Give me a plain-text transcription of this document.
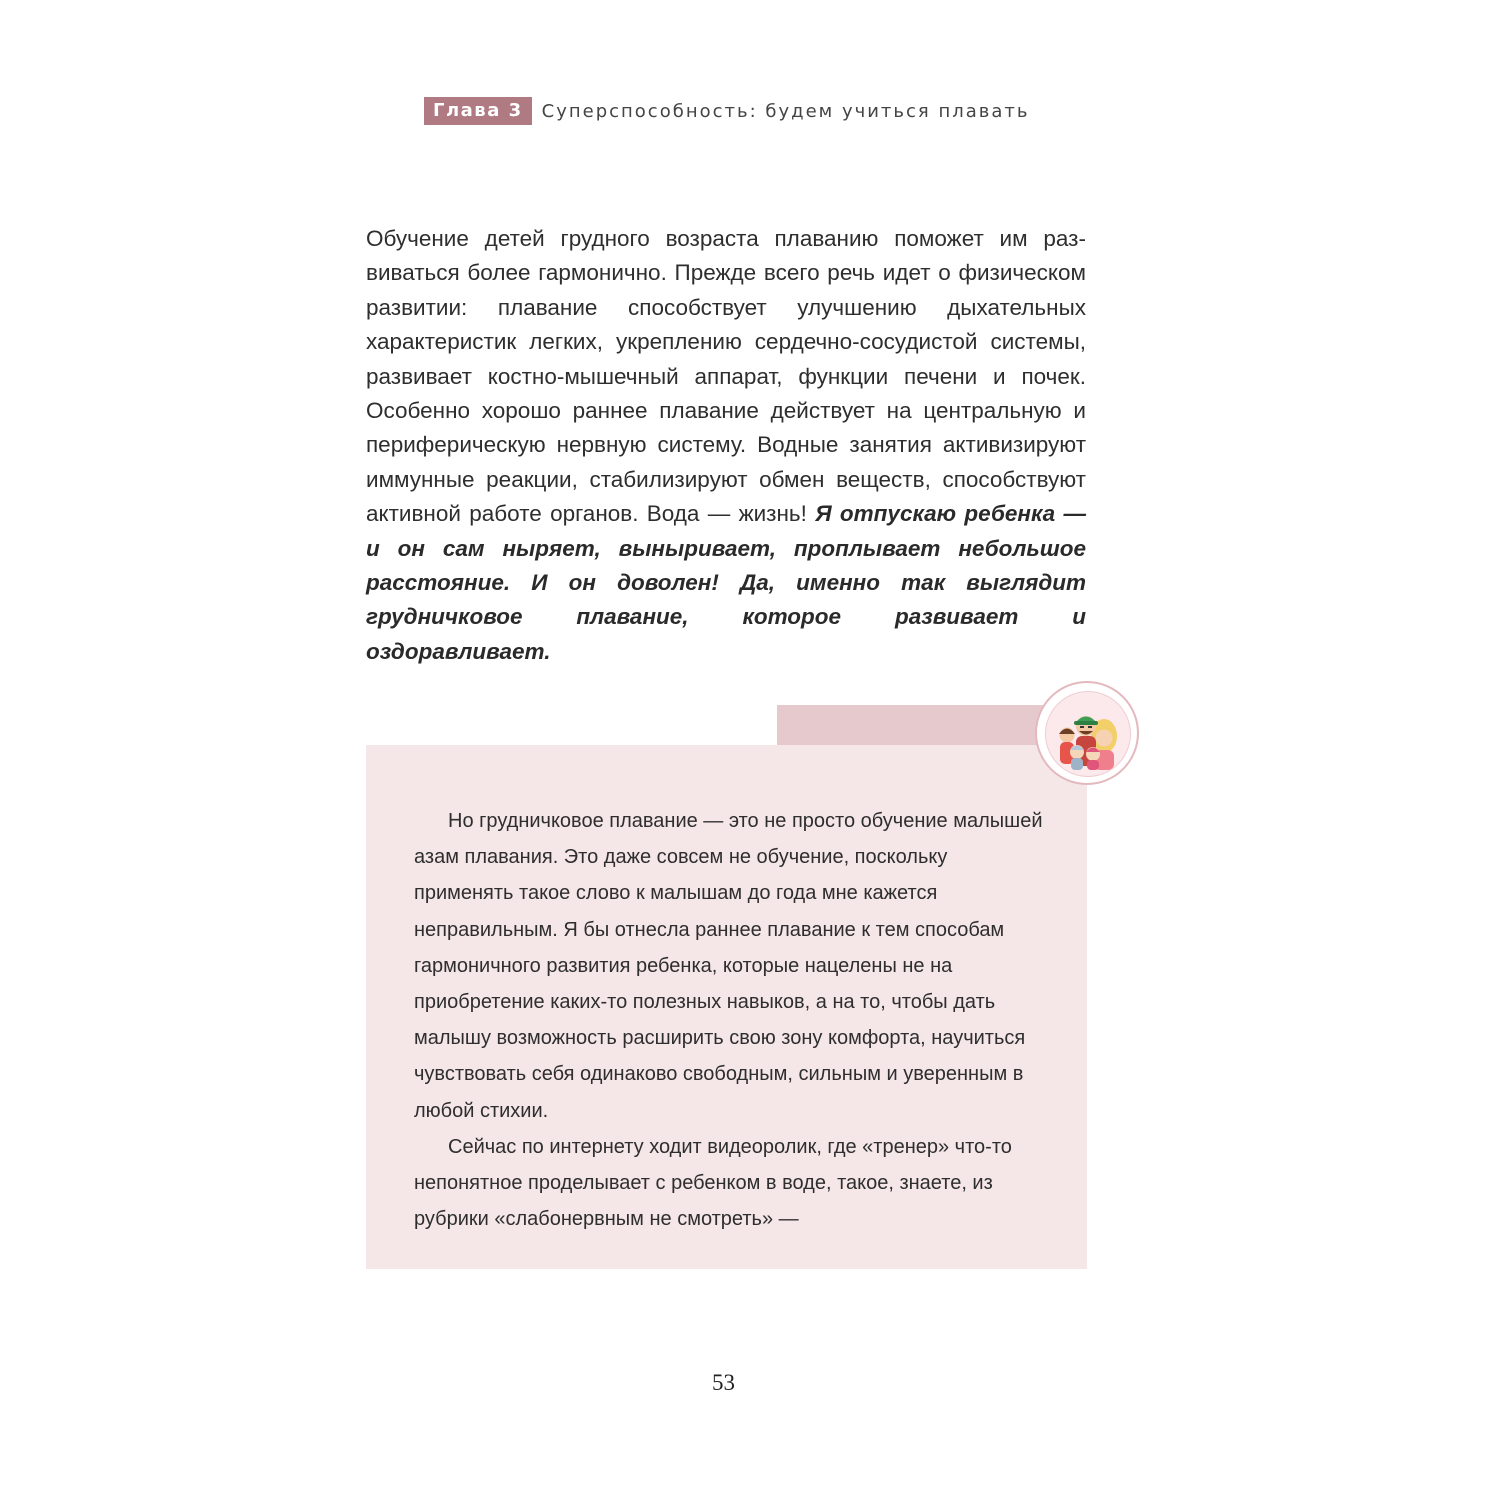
Глава 3	Суперспособность: будем учиться плавать

Обучение детей грудного возраста плаванию поможет им развиваться более гармонично. Прежде всего речь идет о физическом развитии: плавание способствует улучшению дыхательных характеристик легких, укреплению сердечно-сосудистой системы, развивает костно-мышечный аппарат, функции печени и почек. Особенно хорошо раннее плавание действует на центральную и периферическую нервную систему. Водные занятия активизируют иммунные реакции, стабилизируют обмен веществ, способствуют активной работе органов. Вода — жизнь! Я отпускаю ребенка — и он сам ныряет, выныривает, проплывает небольшое расстояние. И он доволен! Да, именно так выглядит грудничковое плавание, которое развивает и оздоравливает.

Но грудничковое плавание — это не просто обучение малышей азам плавания. Это даже совсем не обучение, поскольку применять такое слово к малышам до года мне кажется неправильным. Я бы отнесла раннее плавание к тем способам гармоничного развития ребенка, которые нацелены не на приобретение каких-то полезных навыков, а на то, чтобы дать малышу возможность расширить свою зону комфорта, научиться чувствовать себя одинаково свободным, сильным и уверенным в любой стихии.

Сейчас по интернету ходит видеоролик, где «тренер» что-то непонятное проделывает с ребенком в воде, такое, знаете, из рубрики «слабонервным не смотреть» —

53
